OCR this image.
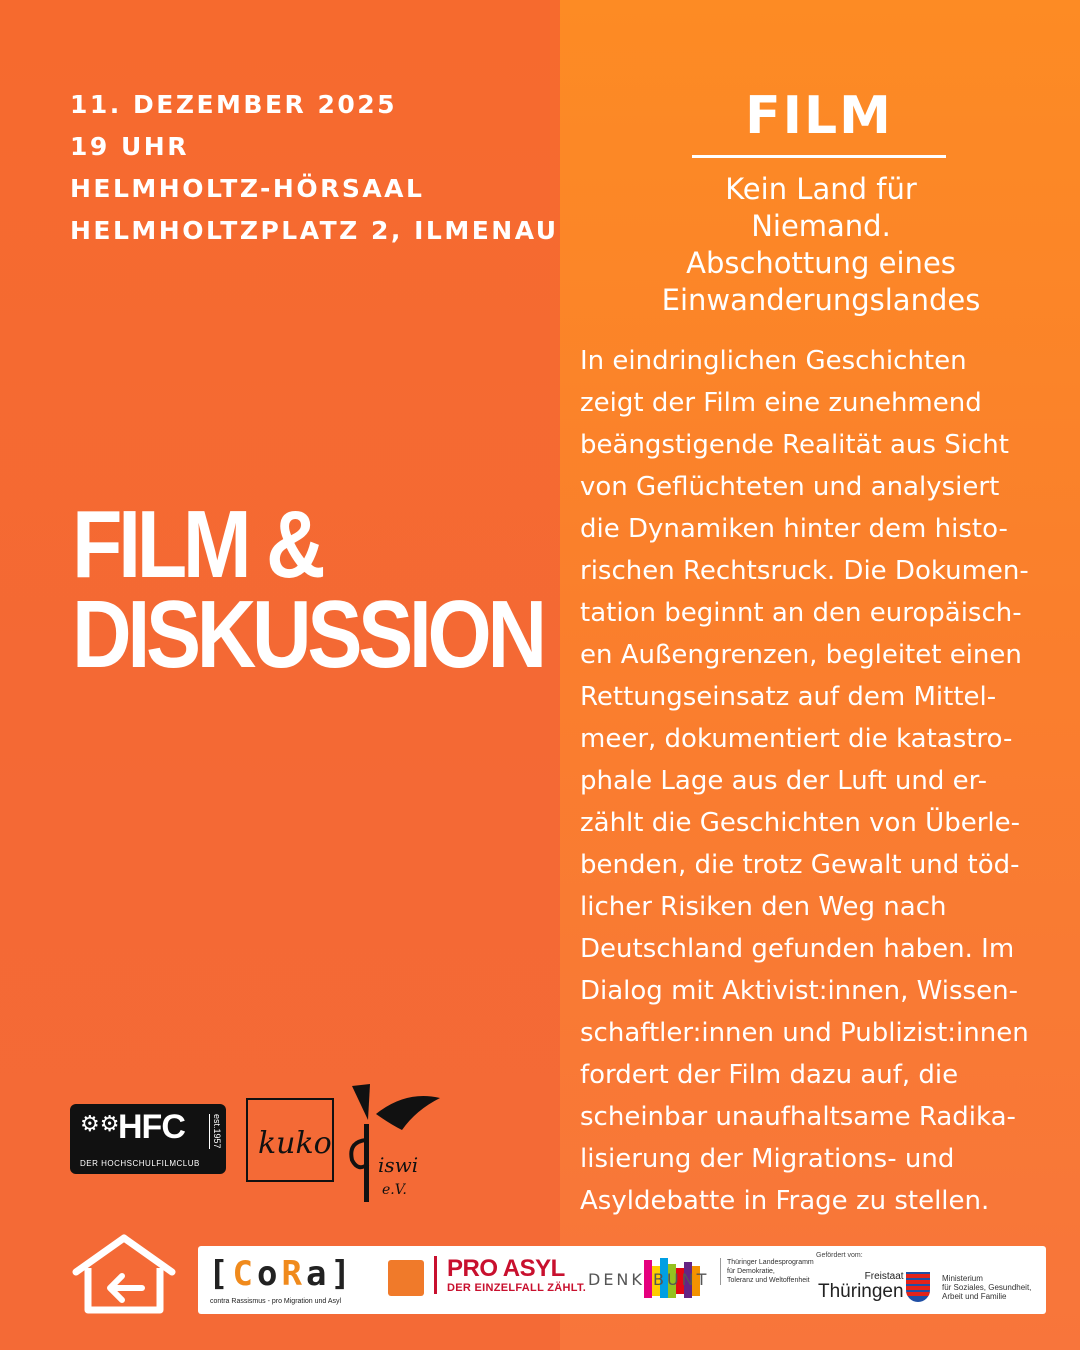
11. DEZEMBER 2025
19 UHR
HELMHOLTZ-HÖRSAAL
HELMHOLTZPLATZ 2, ILMENAU
FILM &
DISKUSSION
FILM
Kein Land für
Niemand.
Abschottung eines
Einwanderungslandes
In eindringlichen Geschichten
zeigt der Film eine zunehmend
beängstigende Realität aus Sicht
von Geflüchteten und analysiert
die Dynamiken hinter dem histo-
rischen Rechtsruck. Die Dokumen-
tation beginnt an den europäisch-
en Außengrenzen, begleitet einen
Rettungseinsatz auf dem Mittel-
meer, dokumentiert die katastro-
phale Lage aus der Luft und er-
zählt die Geschichten von Überle-
benden, die trotz Gewalt und töd-
licher Risiken den Weg nach
Deutschland gefunden haben. Im
Dialog mit Aktivist:innen, Wissen-
schaftler:innen und Publizist:innen
fordert der Film dazu auf, die
scheinbar unaufhaltsame Radika-
lisierung der Migrations- und
Asyldebatte in Frage zu stellen.
⚙⚙
HFC
DER HOCHSCHULFILMCLUB
est.1957 kuko
iswi
e.V.
[CoRa]
contra Rassismus - pro Migration und Asyl
PRO ASYL
DER EINZELFALL ZÄHLT. DENK BUNT
Thüringer Landesprogramm
für Demokratie,
Toleranz und Weltoffenheit
Gefördert vom:
Freistaat
Thüringen
Ministerium
für Soziales, Gesundheit,
Arbeit und Familie
